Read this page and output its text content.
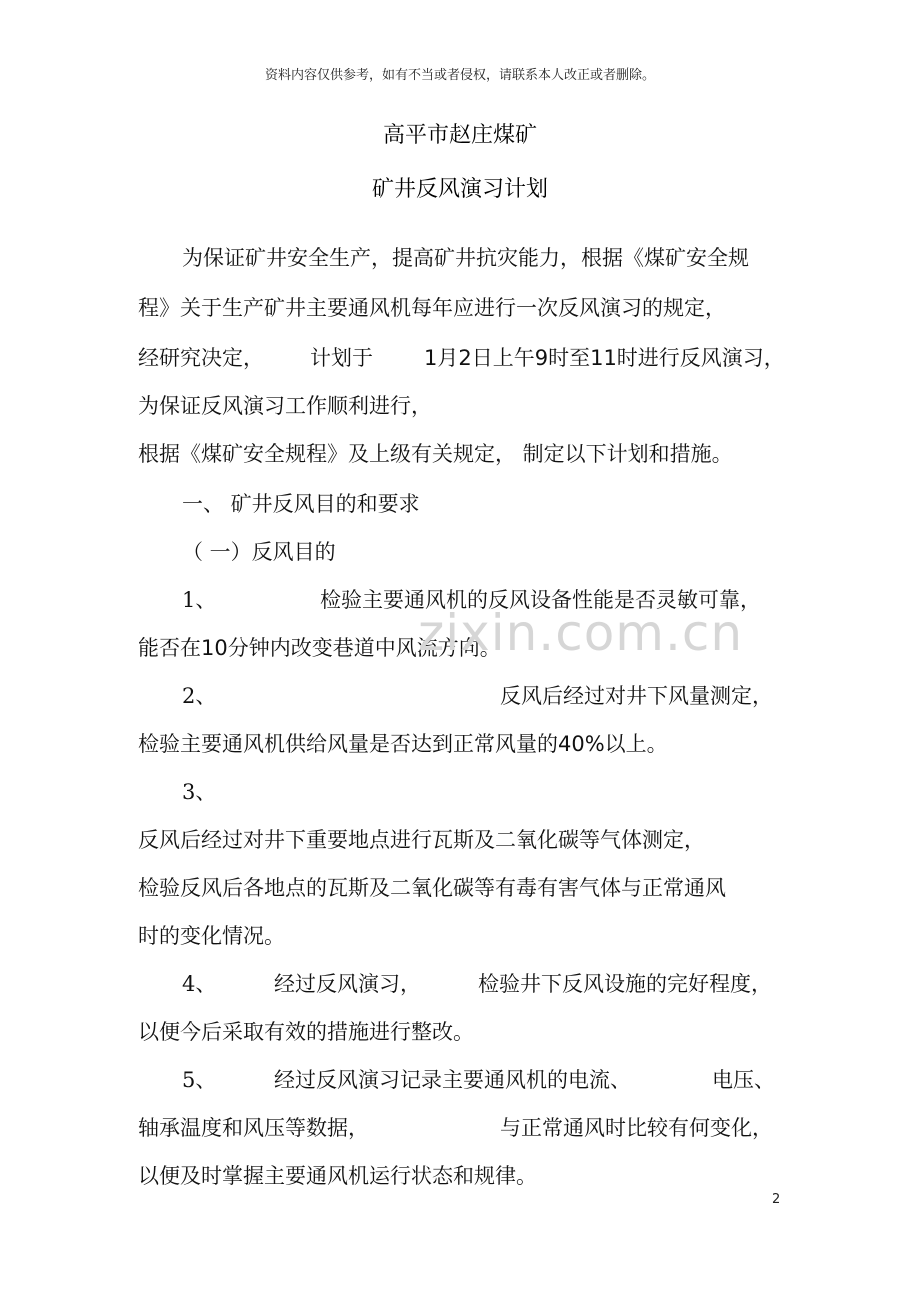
资料内容仅供参考，如有不当或者侵权，请联系本人改正或者删除。
高平市赵庄煤矿
矿井反风演习计划
为保证矿井安全生产，提高矿井抗灾能力，根据《煤矿安全规
程》关于生产矿井主要通风机每年应进行一次反风演习的规定，
经研究决定， 计划于 1月2日上午9时至11时进行反风演习，
为保证反风演习工作顺利进行，
根据《煤矿安全规程》及上级有关规定， 制定以下计划和措施。
一、 矿井反风目的和要求
（ 一）反风目的
1、	检验主要通风机的反风设备性能是否灵敏可靠，
能否在10分钟内改变巷道中风流方向。
2、	反风后经过对井下风量测定，
检验主要通风机供给风量是否达到正常风量的40%以上。
3、
反风后经过对井下重要地点进行瓦斯及二氧化碳等气体测定，
检验反风后各地点的瓦斯及二氧化碳等有毒有害气体与正常通风
时的变化情况。
4、	经过反风演习，	检验井下反风设施的完好程度，
以便今后采取有效的措施进行整改。
5、	经过反风演习记录主要通风机的电流、	电压、
轴承温度和风压等数据，	与正常通风时比较有何变化，
以便及时掌握主要通风机运行状态和规律。
zixin.com.cn
2
